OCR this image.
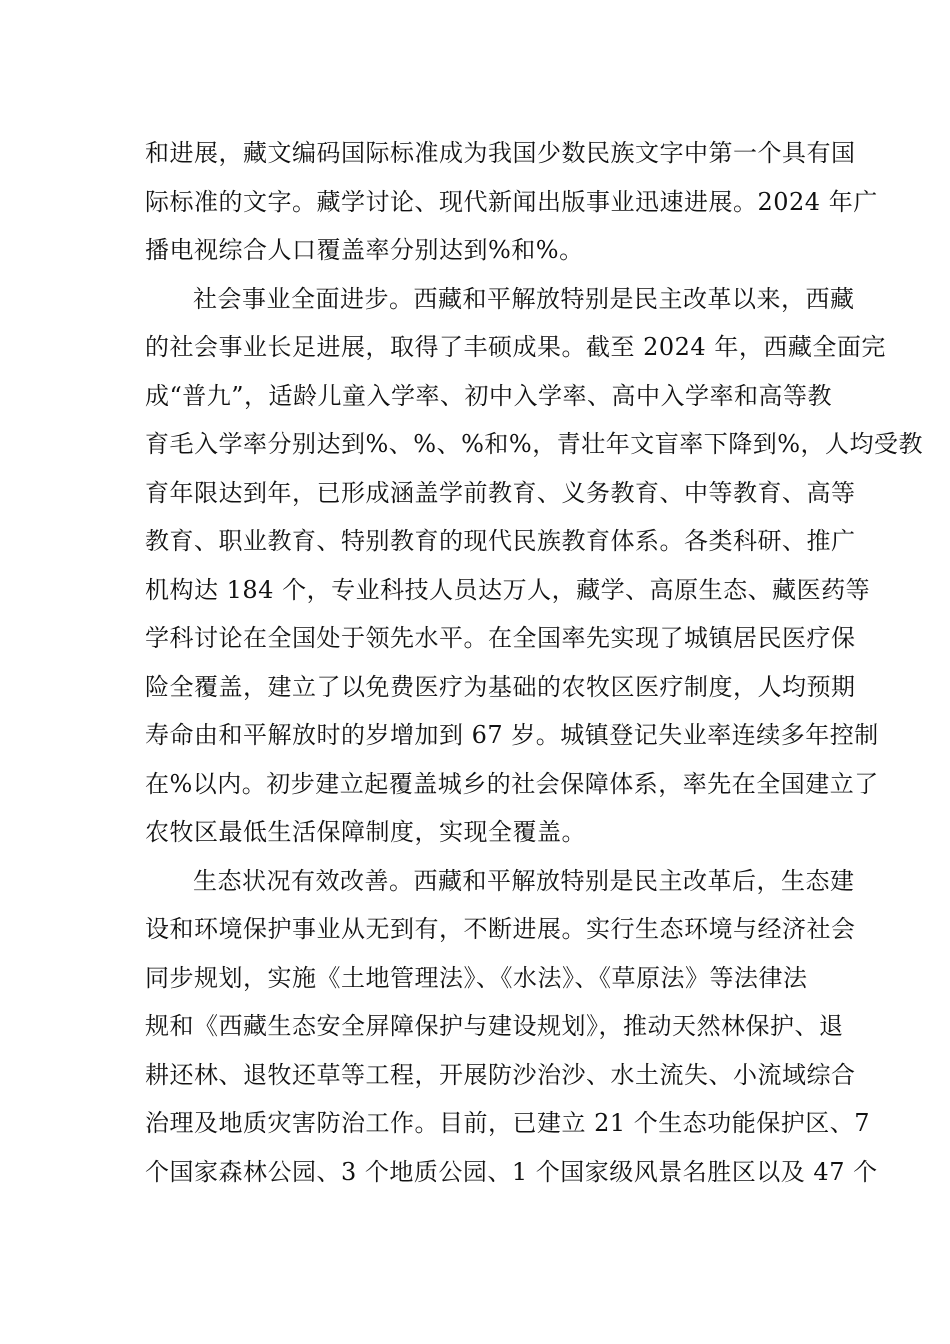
和进展，藏文编码国际标准成为我国少数民族文字中第一个具有国
际标准的文字。藏学讨论、现代新闻出版事业迅速进展。2024 年广
播电视综合人口覆盖率分别达到%和%。
社会事业全面进步。西藏和平解放特别是民主改革以来，西藏
的社会事业长足进展，取得了丰硕成果。截至 2024 年，西藏全面完
成“普九”，适龄儿童入学率、初中入学率、高中入学率和高等教
育毛入学率分别达到%、%、%和%，青壮年文盲率下降到%，人均受教
育年限达到年，已形成涵盖学前教育、义务教育、中等教育、高等
教育、职业教育、特别教育的现代民族教育体系。各类科研、推广
机构达 184 个，专业科技人员达万人，藏学、高原生态、藏医药等
学科讨论在全国处于领先水平。在全国率先实现了城镇居民医疗保
险全覆盖，建立了以免费医疗为基础的农牧区医疗制度，人均预期
寿命由和平解放时的岁增加到 67 岁。城镇登记失业率连续多年控制
在%以内。初步建立起覆盖城乡的社会保障体系，率先在全国建立了
农牧区最低生活保障制度，实现全覆盖。
生态状况有效改善。西藏和平解放特别是民主改革后，生态建
设和环境保护事业从无到有，不断进展。实行生态环境与经济社会
同步规划，实施《土地管理法》、《水法》、《草原法》等法律法
规和《西藏生态安全屏障保护与建设规划》，推动天然林保护、退
耕还林、退牧还草等工程，开展防沙治沙、水土流失、小流域综合
治理及地质灾害防治工作。目前，已建立 21 个生态功能保护区、7
个国家森林公园、3 个地质公园、1 个国家级风景名胜区以及 47 个
